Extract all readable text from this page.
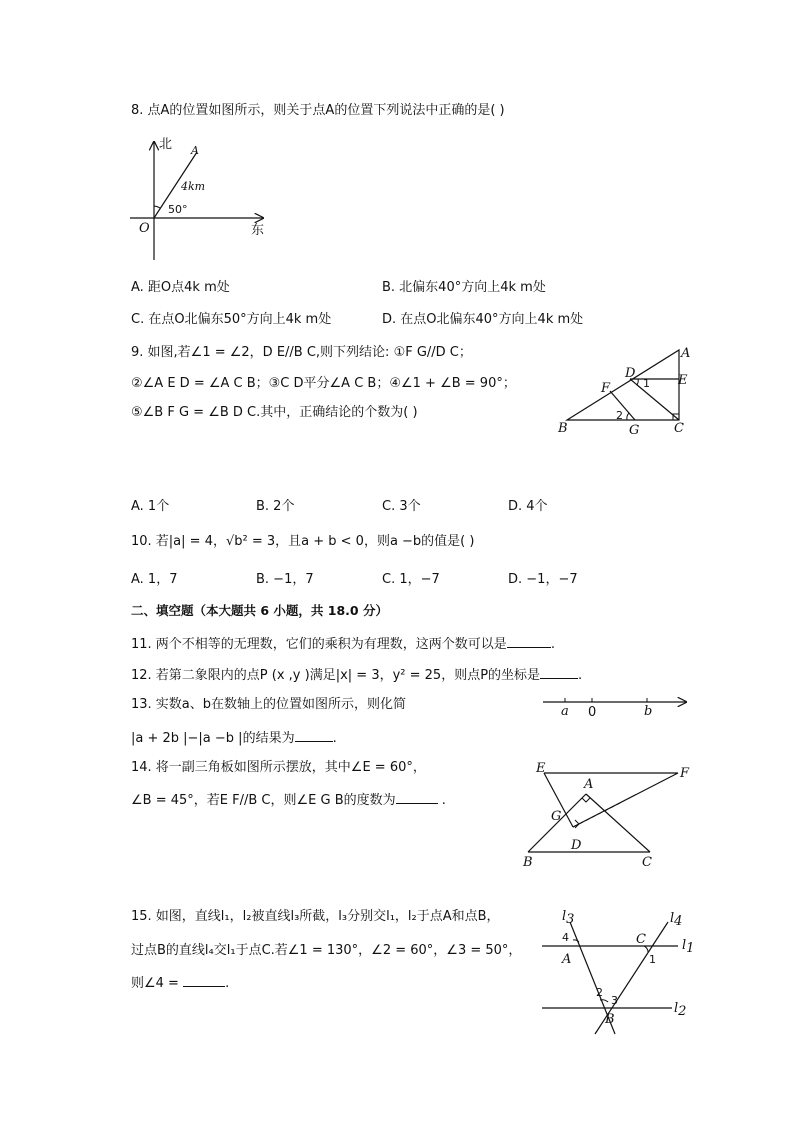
8. 点A的位置如图所示，则关于点A的位置下列说法中正确的是( )
北
东
O
A
4km
50°
A. 距O点4k m处	B. 北偏东40°方向上4k m处
C. 在点O北偏东50°方向上4k m处	D. 在点O北偏东40°方向上4k m处
9. 如图,若∠1 = ∠2，D E//B C,则下列结论: ①F G//D C；
②∠A E D = ∠A C B；③C D平分∠A C B；④∠1 + ∠B = 90°；
⑤∠B F G = ∠B D C.其中，正确结论的个数为( )
A
B	C
D	E
F
G
1
2
A. 1个	B. 2个	C. 3个	D. 4个
10. 若|a| = 4，√b² = 3，且a + b < 0，则a −b的值是( )
A. 1，7	B. −1，7	C. 1，−7	D. −1，−7
二、填空题（本大题共 6 小题，共 18.0 分）
11. 两个不相等的无理数，它们的乘积为有理数，这两个数可以是	.
12. 若第二象限内的点P (x ,y )满足|x| = 3，y² = 25，则点P的坐标是	.
13. 实数a、b在数轴上的位置如图所示，则化简
|a + 2b |−|a −b |的结果为	.
a 0	b
14. 将一副三角板如图所示摆放，其中∠E = 60°，
∠B = 45°，若E F//B C，则∠E G B的度数为	.
E	F
A
G
D
B	C
15. 如图，直线l₁，l₂被直线l₃所截，l₃分别交l₁，l₂于点A和点B，
过点B的直线l₄交l₁于点C.若∠1 = 130°，∠2 = 60°，∠3 = 50°，
则∠4 =	.
l3	l4
l1
l2
A
B
C
4
1
2
3
